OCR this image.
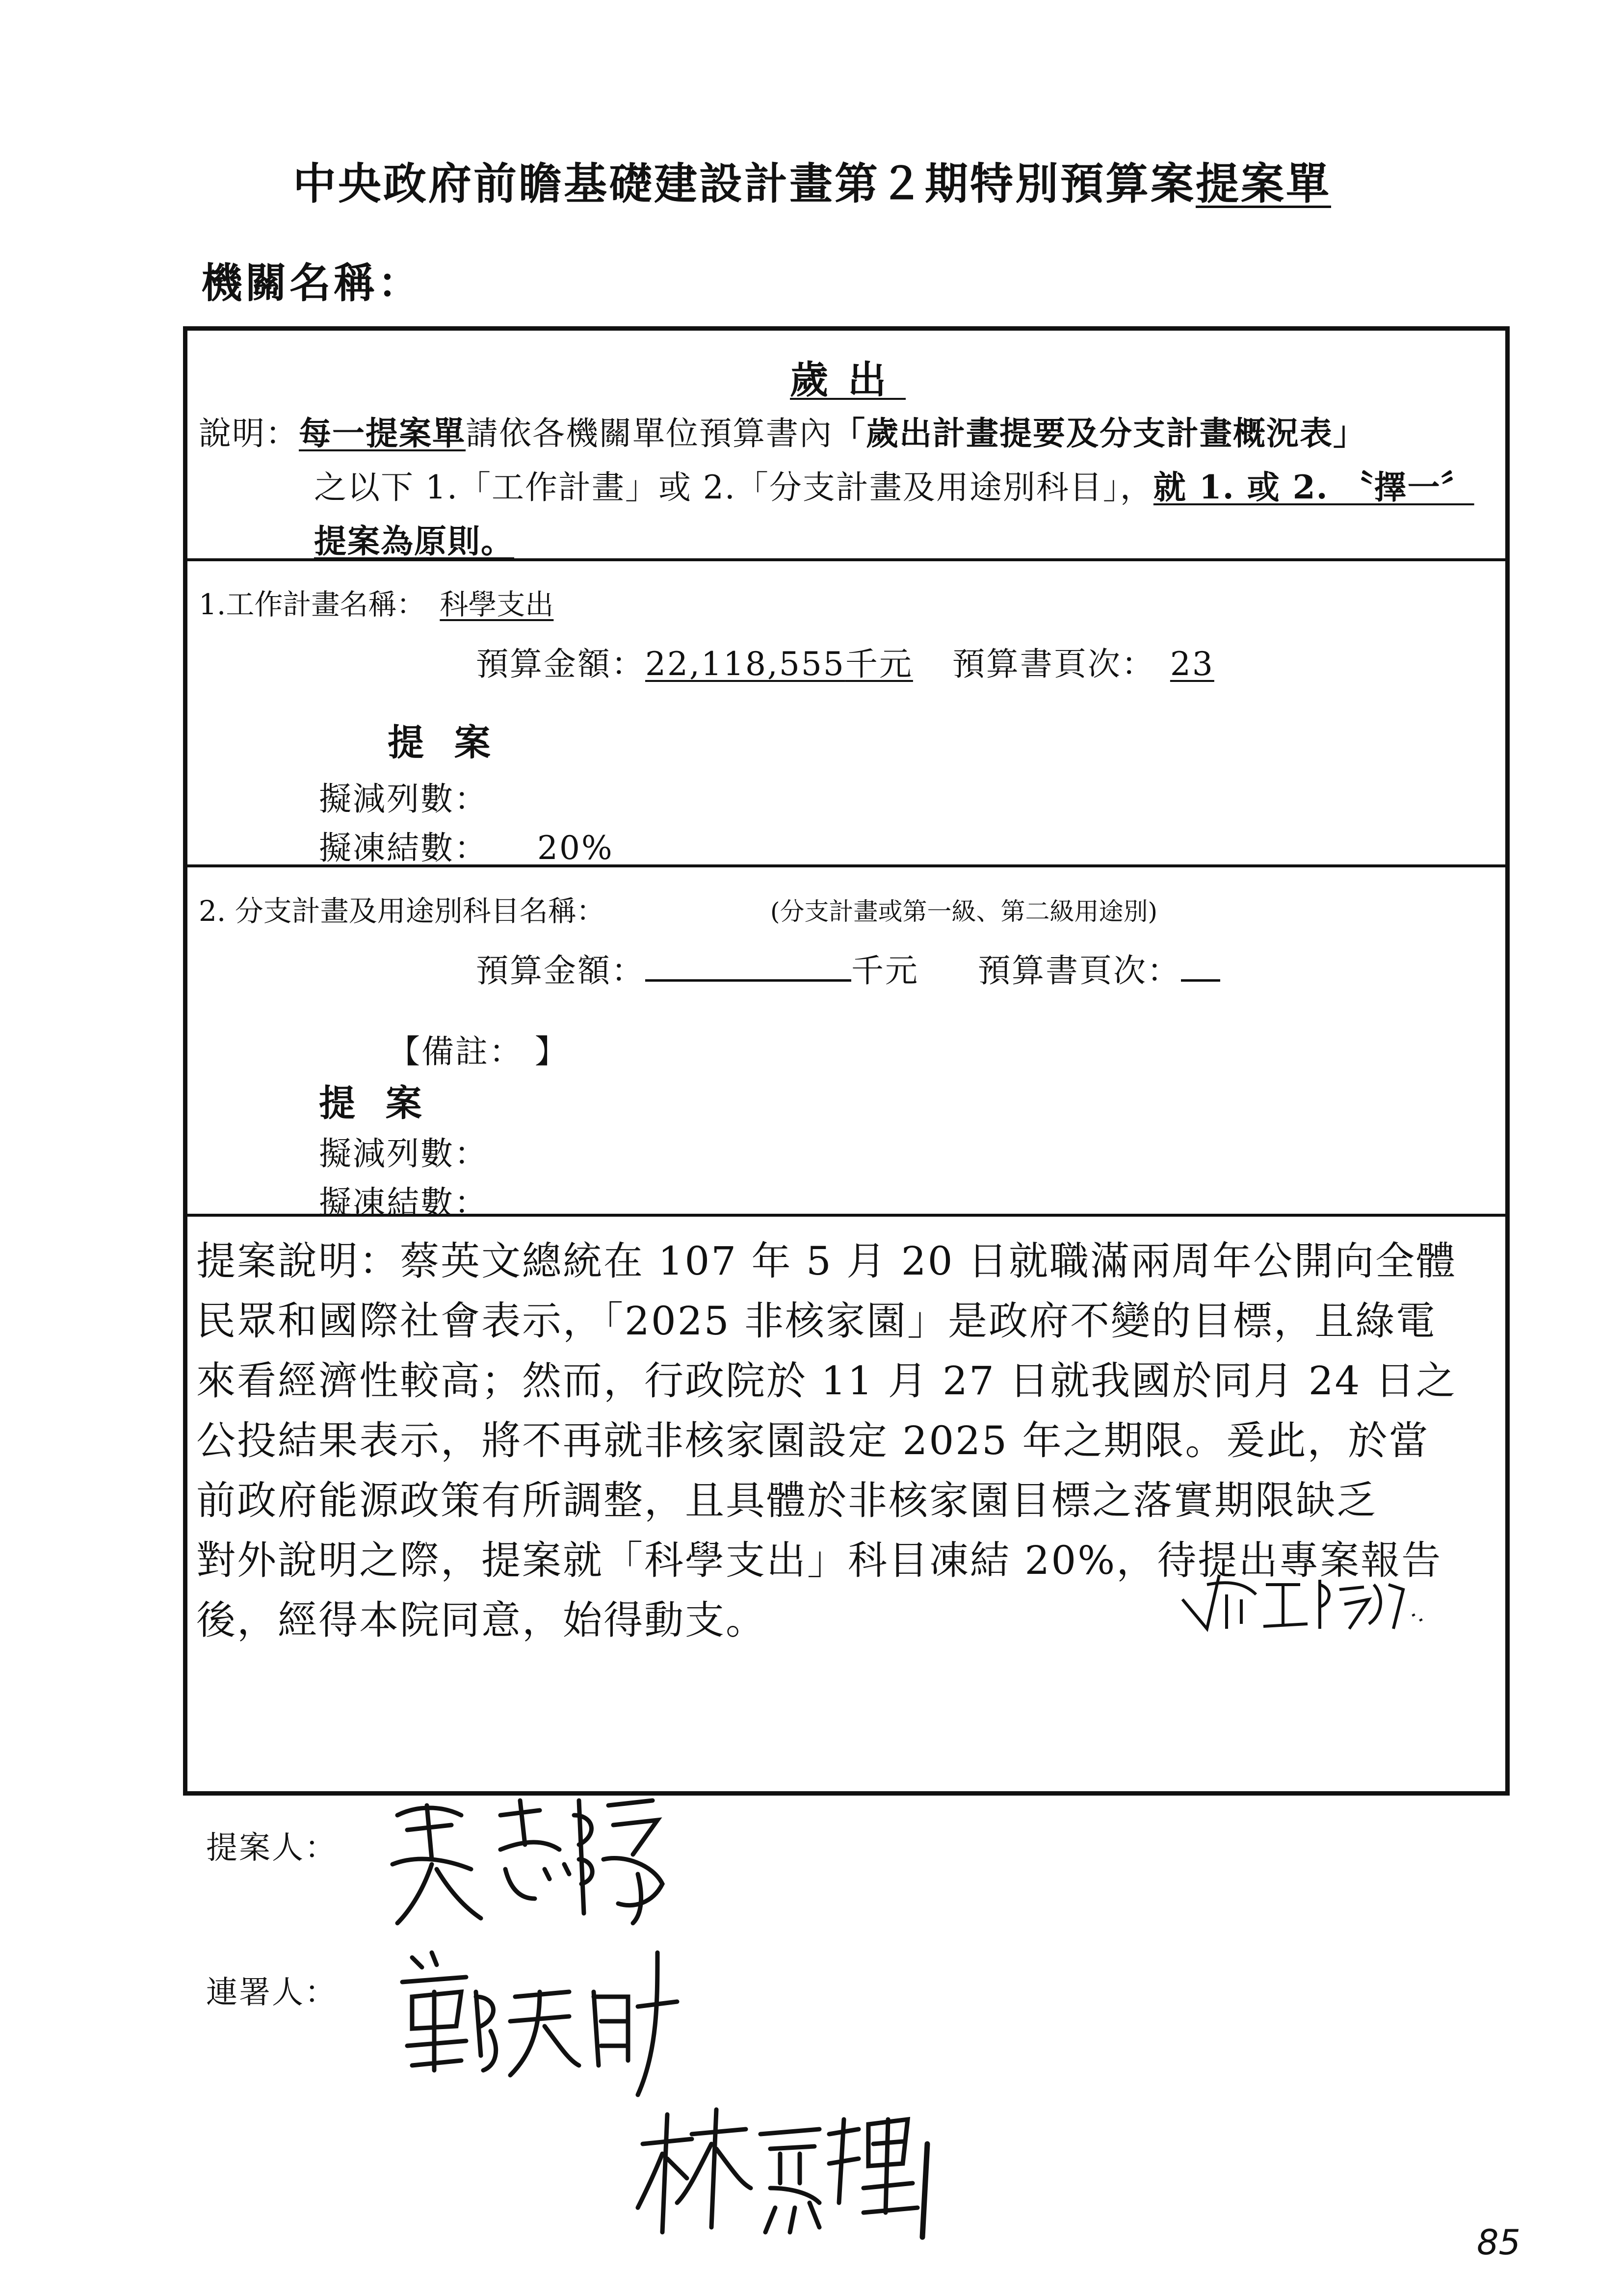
中央政府前瞻基礎建設計畫第２期特別預算案提案單
機關名稱：
歲出
說明：每一提案單請依各機關單位預算書內「歲出計畫提要及分支計畫概況表」
之以下 1.「工作計畫」或 2.「分支計畫及用途別科目」，就 1. 或 2. 〝擇一〞
提案為原則。
1.工作計畫名稱： 科學支出
預算金額：22,118,555千元 預算書頁次： 23
提 案
擬減列數：
擬凍結數： 20%
2. 分支計畫及用途別科目名稱：	(分支計畫或第一級、第二級用途別)
預算金額：	千元 預算書頁次：
【備註： 】
提 案
擬減列數：
擬凍結數：

提案說明：蔡英文總統在 107 年 5 月 20 日就職滿兩周年公開向全體

民眾和國際社會表示，「2025 非核家園」是政府不變的目標，且綠電

來看經濟性較高；然而，行政院於 11 月 27 日就我國於同月 24 日之

公投結果表示，將不再就非核家園設定 2025 年之期限。爰此，於當

前政府能源政策有所調整，且具體於非核家園目標之落實期限缺乏

對外說明之際，提案就「科學支出」科目凍結 20%，待提出專案報告

後，經得本院同意，始得動支。

提案人：
連署人：
85
